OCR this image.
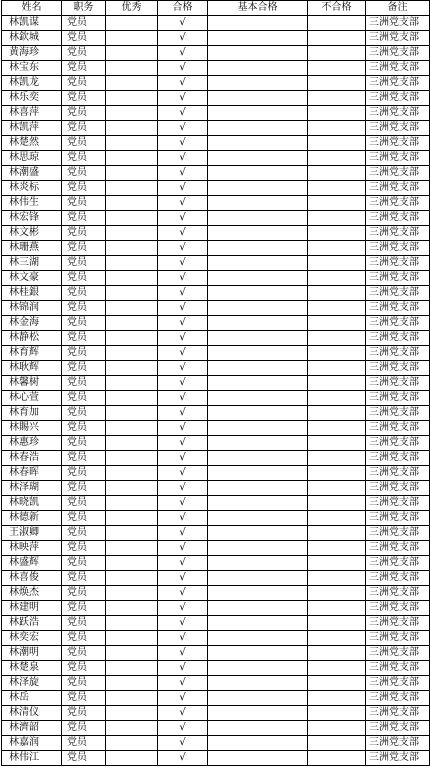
姓名	职务	优秀	合格	基本合格	不合格	备注
林凯谋	党员		√			三洲党支部
林欽城	党员		√			三洲党支部
黄海珍	党员		√			三洲党支部
林宝东	党员		√			三洲党支部
林凯龙	党员		√			三洲党支部
林乐奕	党员		√			三洲党支部
林喜萍	党员		√			三洲党支部
林凯萍	党员		√			三洲党支部
林楚然	党员		√			三洲党支部
林思琼	党员		√			三洲党支部
林潮盛	党员		√			三洲党支部
林炎标	党员		√			三洲党支部
林伟生	党员		√			三洲党支部
林宏锋	党员		√			三洲党支部
林文彬	党员		√			三洲党支部
林珊燕	党员		√			三洲党支部
林三湖	党员		√			三洲党支部
林文豪	党员		√			三洲党支部
林桂銀	党员		√			三洲党支部
林锦润	党员		√			三洲党支部
林金海	党员		√			三洲党支部
林静松	党员		√			三洲党支部
林育辉	党员		√			三洲党支部
林耿辉	党员		√			三洲党支部
林馨树	党员		√			三洲党支部
林心萱	党员		√			三洲党支部
林育加	党员		√			三洲党支部
林賜兴	党员		√			三洲党支部
林惠珍	党员		√			三洲党支部
林春浩	党员		√			三洲党支部
林春晖	党员		√			三洲党支部
林泽瑚	党员		√			三洲党支部
林晓凯	党员		√			三洲党支部
林德新	党员		√			三洲党支部
王淑卿	党员		√			三洲党支部
林映萍	党员		√			三洲党支部
林盛辉	党员		√			三洲党支部
林喜俊	党员		√			三洲党支部
林焕杰	党员		√			三洲党支部
林建明	党员		√			三洲党支部
林跃浩	党员		√			三洲党支部
林奕宏	党员		√			三洲党支部
林潮明	党员		√			三洲党支部
林楚泉	党员		√			三洲党支部
林泽旋	党员		√			三洲党支部
林岳	党员		√			三洲党支部
林清仪	党员		√			三洲党支部
林濟韶	党员		√			三洲党支部
林嘉润	党员		√			三洲党支部
林伟江	党员		√			三洲党支部
